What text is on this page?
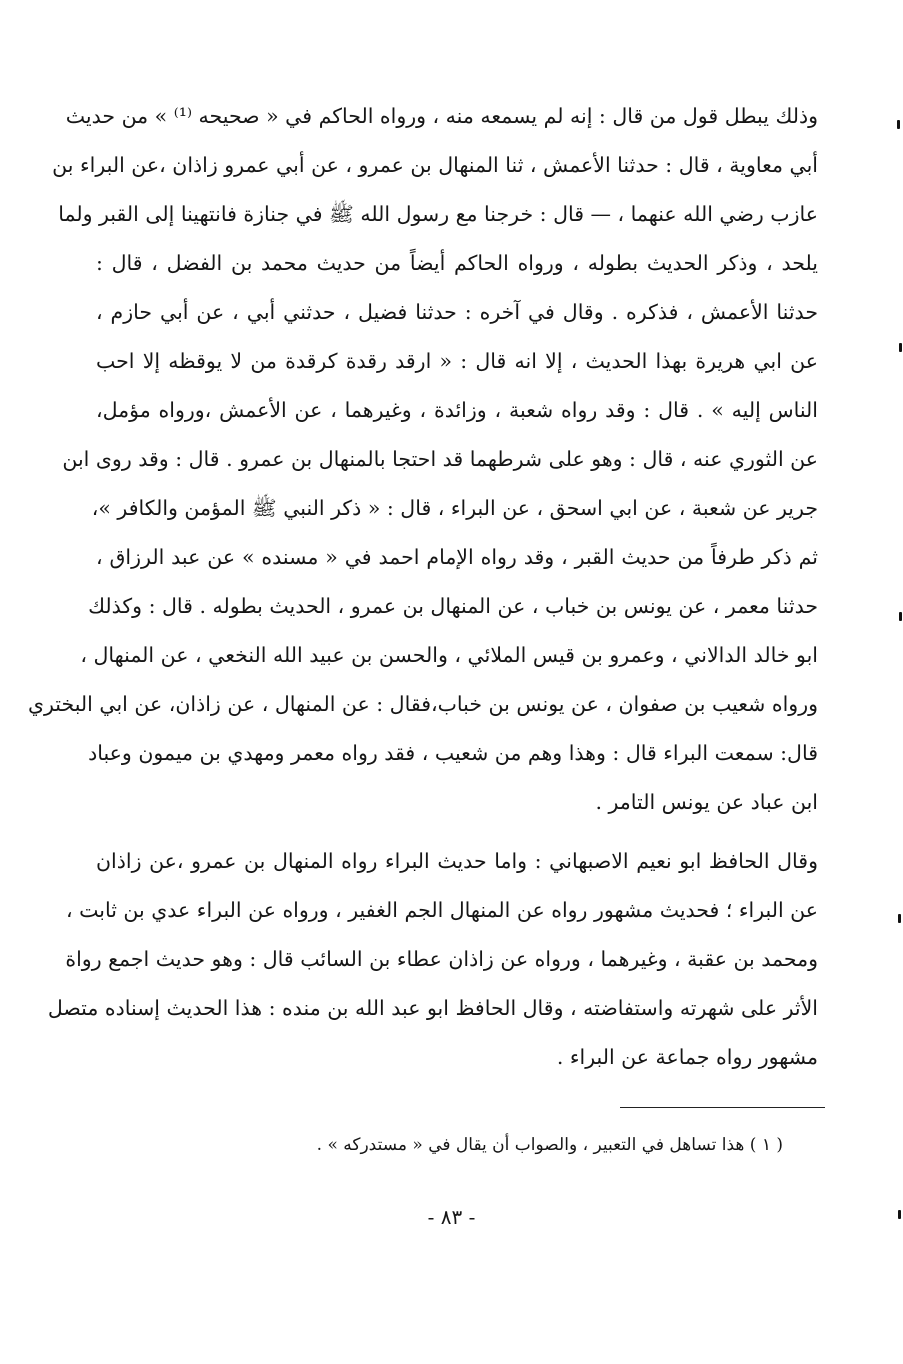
وذلك يبطل قول من قال : إنه لم يسمعه منه ، ورواه الحاكم في « صحيحه ⁽¹⁾ » من حديث

أبي معاوية ، قال : حدثنا الأعمش ، ثنا المنهال بن عمرو ، عن أبي عمرو زاذان ،عن البراء بن

عازب رضي الله عنهما ، — قال : خرجنا مع رسول الله ﷺ في جنازة فانتهينا إلى القبر ولما

يلحد ، وذكر الحديث بطوله ، ورواه الحاكم أيضاً من حديث محمد بن الفضل ، قال :

حدثنا الأعمش ، فذكره . وقال في آخره : حدثنا فضيل ، حدثني أبي ، عن أبي حازم ،

عن ابي هريرة بهذا الحديث ، إلا انه قال : « ارقد رقدة كرقدة من لا يوقظه إلا احب

الناس إليه » . قال : وقد رواه شعبة ، وزائدة ، وغيرهما ، عن الأعمش ،ورواه مؤمل،

عن الثوري عنه ، قال : وهو على شرطهما قد احتجا بالمنهال بن عمرو . قال : وقد روى ابن

جرير عن شعبة ، عن ابي اسحق ، عن البراء ، قال : « ذكر النبي ﷺ المؤمن والكافر »،

ثم ذكر طرفاً من حديث القبر ، وقد رواه الإمام احمد في « مسنده » عن عبد الرزاق ،

حدثنا معمر ، عن يونس بن خباب ، عن المنهال بن عمرو ، الحديث بطوله . قال : وكذلك

ابو خالد الدالاني ، وعمرو بن قيس الملائي ، والحسن بن عبيد الله النخعي ، عن المنهال ،

ورواه شعيب بن صفوان ، عن يونس بن خباب،فقال : عن المنهال ، عن زاذان، عن ابي البختري

قال: سمعت البراء قال : وهذا وهم من شعيب ، فقد رواه معمر ومهدي بن ميمون وعباد

ابن عباد عن يونس التامر .

وقال الحافظ ابو نعيم الاصبهاني : واما حديث البراء رواه المنهال بن عمرو ،عن زاذان

عن البراء ؛ فحديث مشهور رواه عن المنهال الجم الغفير ، ورواه عن البراء عدي بن ثابت ،

ومحمد بن عقبة ، وغيرهما ، ورواه عن زاذان عطاء بن السائب قال : وهو حديث اجمع رواة

الأثر على شهرته واستفاضته ، وقال الحافظ ابو عبد الله بن منده : هذا الحديث إسناده متصل

مشهور رواه جماعة عن البراء .

( ١ ) هذا تساهل في التعبير ، والصواب أن يقال في « مستدركه » .
- ٨٣ -
